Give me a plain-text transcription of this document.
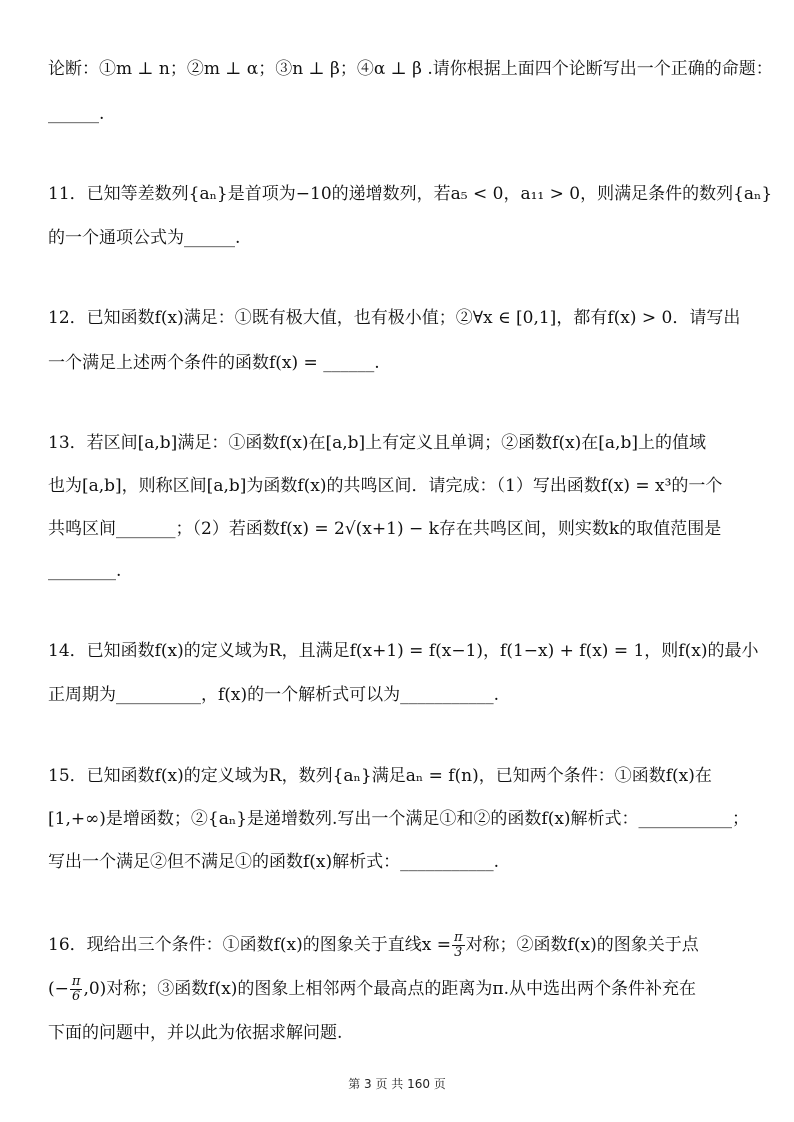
论断：①m ⊥ n；②m ⊥ α；③n ⊥ β；④α ⊥ β .请你根据上面四个论断写出一个正确的命题：
______.
11．已知等差数列{aₙ}是首项为−10的递增数列，若a₅ < 0，a₁₁ > 0，则满足条件的数列{aₙ}
的一个通项公式为______.
12．已知函数f(x)满足：①既有极大值，也有极小值；②∀x ∈ [0,1]，都有f(x) > 0．请写出
一个满足上述两个条件的函数f(x) = ______.
13．若区间[a,b]满足：①函数f(x)在[a,b]上有定义且单调；②函数f(x)在[a,b]上的值域
也为[a,b]，则称区间[a,b]为函数f(x)的共鸣区间．请完成：（1）写出函数f(x) = x³的一个
共鸣区间_______；（2）若函数f(x) = 2√(x+1) − k存在共鸣区间，则实数k的取值范围是
________.
14．已知函数f(x)的定义域为R，且满足f(x+1) = f(x−1)，f(1−x) + f(x) = 1，则f(x)的最小
正周期为__________，f(x)的一个解析式可以为___________.
15．已知函数f(x)的定义域为R，数列{aₙ}满足aₙ = f(n)，已知两个条件：①函数f(x)在
[1,+∞)是增函数；②{aₙ}是递增数列.写出一个满足①和②的函数f(x)解析式：___________；
写出一个满足②但不满足①的函数f(x)解析式：___________.
16．现给出三个条件：①函数f(x)的图象关于直线$x = \frac{\pi}{3}$ 对称；②函数f(x)的图象关于点
(− $\frac{\pi}{6} ,0$)对称；③函数f(x)的图象上相邻两个最高点的距离为π.从中选出两个条件补充在
下面的问题中，并以此为依据求解问题.
第 3 页 共 160 页
